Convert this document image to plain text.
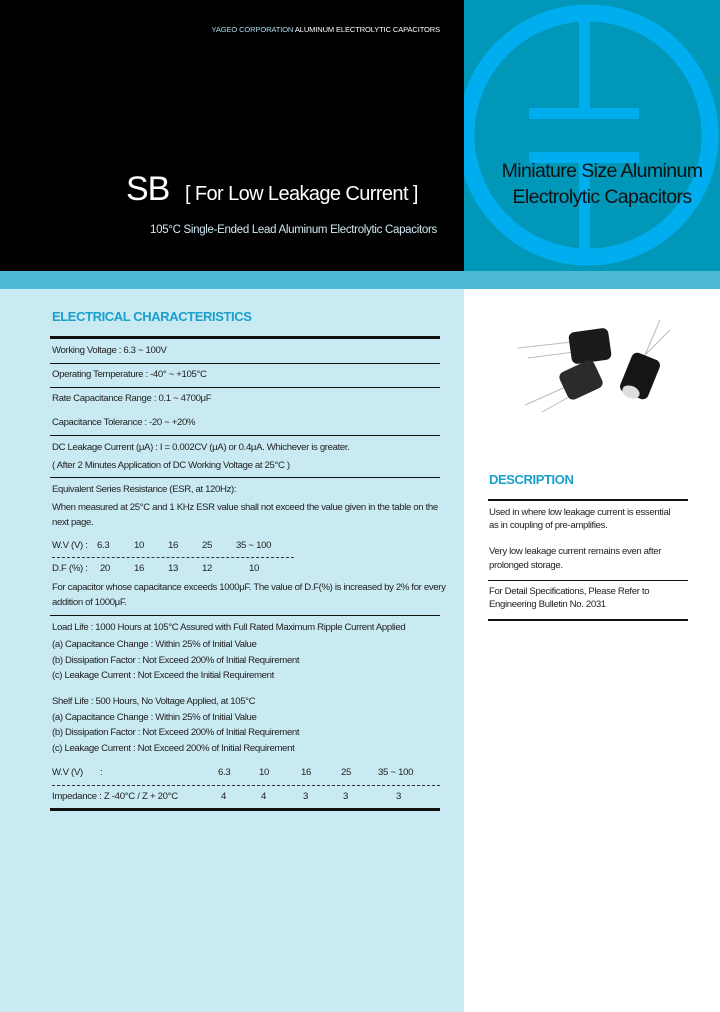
YAGEO CORPORATION ALUMINUM ELECTROLYTIC CAPACITORS
SB [ For Low Leakage Current ]
105°C Single-Ended Lead Aluminum Electrolytic Capacitors
Miniature Size Aluminum
Electrolytic Capacitors
ELECTRICAL CHARACTERISTICS
Working Voltage : 6.3 ~ 100V
Operating Temperature : -40° ~ +105°C
Rate Capacitance Range : 0.1 ~ 4700μF
Capacitance Tolerance : -20 ~ +20%
DC Leakage Current (μA) : I = 0.002CV (μA) or 0.4μA. Whichever is greater.
( After 2 Minutes Application of DC Working Voltage at 25°C )
Equivalent Series Resistance (ESR, at 120Hz):
When measured at 25°C and 1 KHz ESR value shall not exceed the value given in the table on the
next page.
W.V (V) : 6.3	10 16 25 35 ~ 100
D.F (%) : 20 16 13 12	10
For capacitor whose capacitance exceeds 1000μF. The value of D.F(%) is increased by 2% for every
addition of 1000μF.
Load Life : 1000 Hours at 105°C Assured with Full Rated Maximum Ripple Current Applied
(a) Capacitance Change : Within 25% of Initial Value
(b) Dissipation Factor : Not Exceed 200% of Initial Requirement
(c) Leakage Current : Not Exceed the Initial Requirement
Shelf Life : 500 Hours, No Voltage Applied, at 105°C
(a) Capacitance Change : Within 25% of Initial Value
(b) Dissipation Factor : Not Exceed 200% of Initial Requirement
(c) Leakage Current : Not Exceed 200% of Initial Requirement
W.V (V) :	6.3	10	16	25	35 ~ 100
Impedance : Z -40°C / Z + 20°C	4	4	3	3	3
DESCRIPTION
Used in where low leakage current is essential
as in coupling of pre-amplifies.
Very low leakage current remains even after
prolonged storage.
For Detail Specifications, Please Refer to
Engineering Bulletin No. 2031
